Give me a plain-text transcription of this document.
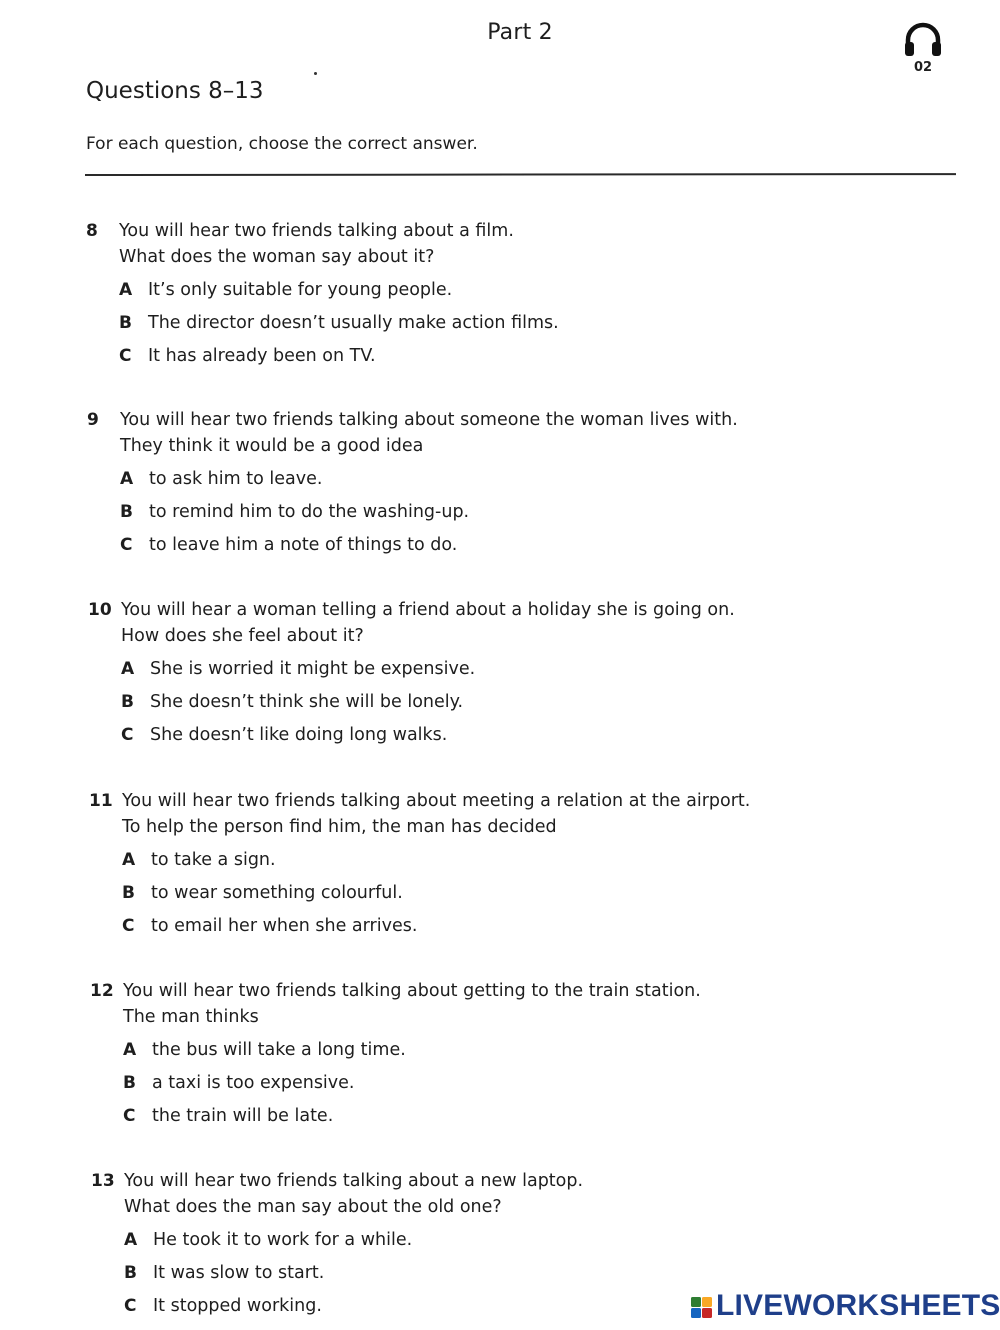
Part 2
02
Questions 8–13
For each question, choose the correct answer.
8 You will hear two friends talking about a film.
What does the woman say about it?
A It’s only suitable for young people.
B The director doesn’t usually make action films.
C It has already been on TV.
9 You will hear two friends talking about someone the woman lives with.
They think it would be a good idea
A to ask him to leave.
B to remind him to do the washing-up.
C to leave him a note of things to do.
10 You will hear a woman telling a friend about a holiday she is going on.
How does she feel about it?
A She is worried it might be expensive.
B She doesn’t think she will be lonely.
C She doesn’t like doing long walks.
11 You will hear two friends talking about meeting a relation at the airport.
To help the person find him, the man has decided
A to take a sign.
B to wear something colourful.
C to email her when she arrives.
12 You will hear two friends talking about getting to the train station.
The man thinks
A the bus will take a long time.
B a taxi is too expensive.
C the train will be late.
13 You will hear two friends talking about a new laptop.
What does the man say about the old one?
A He took it to work for a while.
B It was slow to start.
C It stopped working.	LIVEWORKSHEETS
